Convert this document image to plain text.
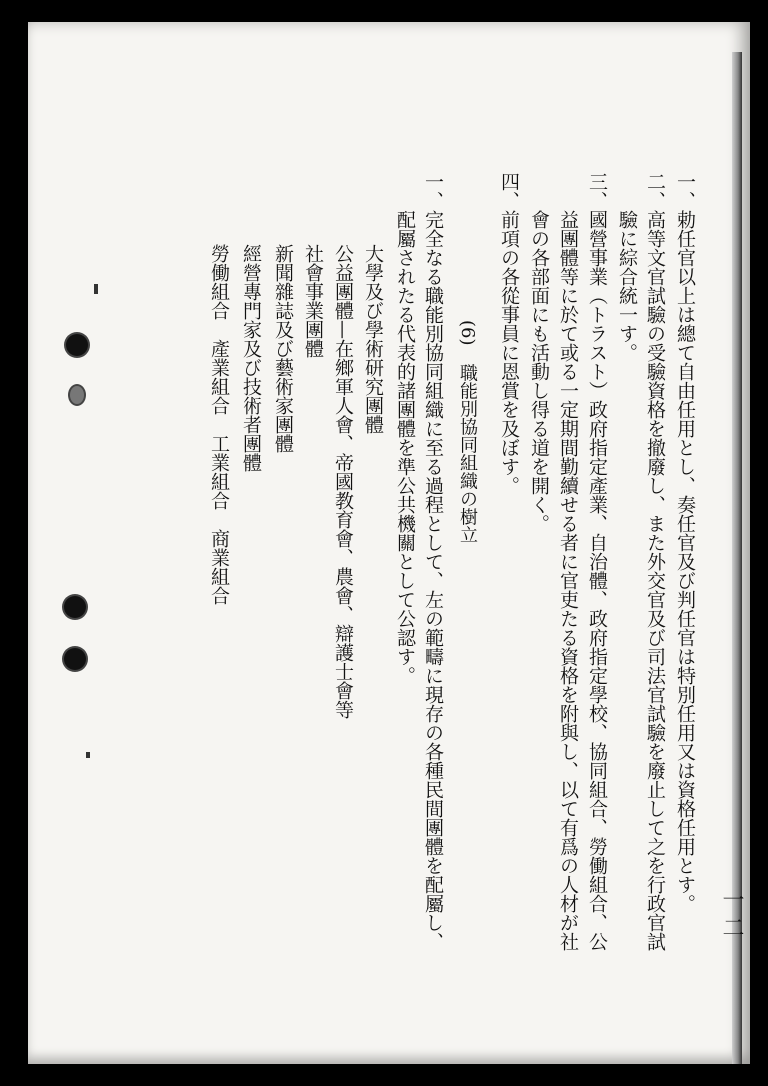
一二
一、勅任官以上は總て自由任用とし、奏任官及び判任官は特別任用又は資格任用とす。
二、高等文官試驗の受驗資格を撤廢し、また外交官及び司法官試驗を廢止して之を行政官試
驗に綜合統一す。
三、國營事業（トラスト）政府指定產業、自治體、政府指定學校、協同組合、勞働組合、公
益團體等に於て或る一定期間勤續せる者に官吏たる資格を附與し、以て有爲の人材が社
會の各部面にも活動し得る道を開く。
四、前項の各從事員に恩賞を及ぼす。
(6)　職能別協同組織の樹立
一、完全なる職能別協同組織に至る過程として、左の範疇に現存の各種民間團體を配屬し、
配屬されたる代表的諸團體を準公共機關として公認す。
大學及び學術研究團體
公益團體—在鄉軍人會、帝國教育會、農會、辯護士會等
社會事業團體
新聞雜誌及び藝術家團體
經營專門家及び技術者團體
勞働組合　產業組合　工業組合　商業組合
